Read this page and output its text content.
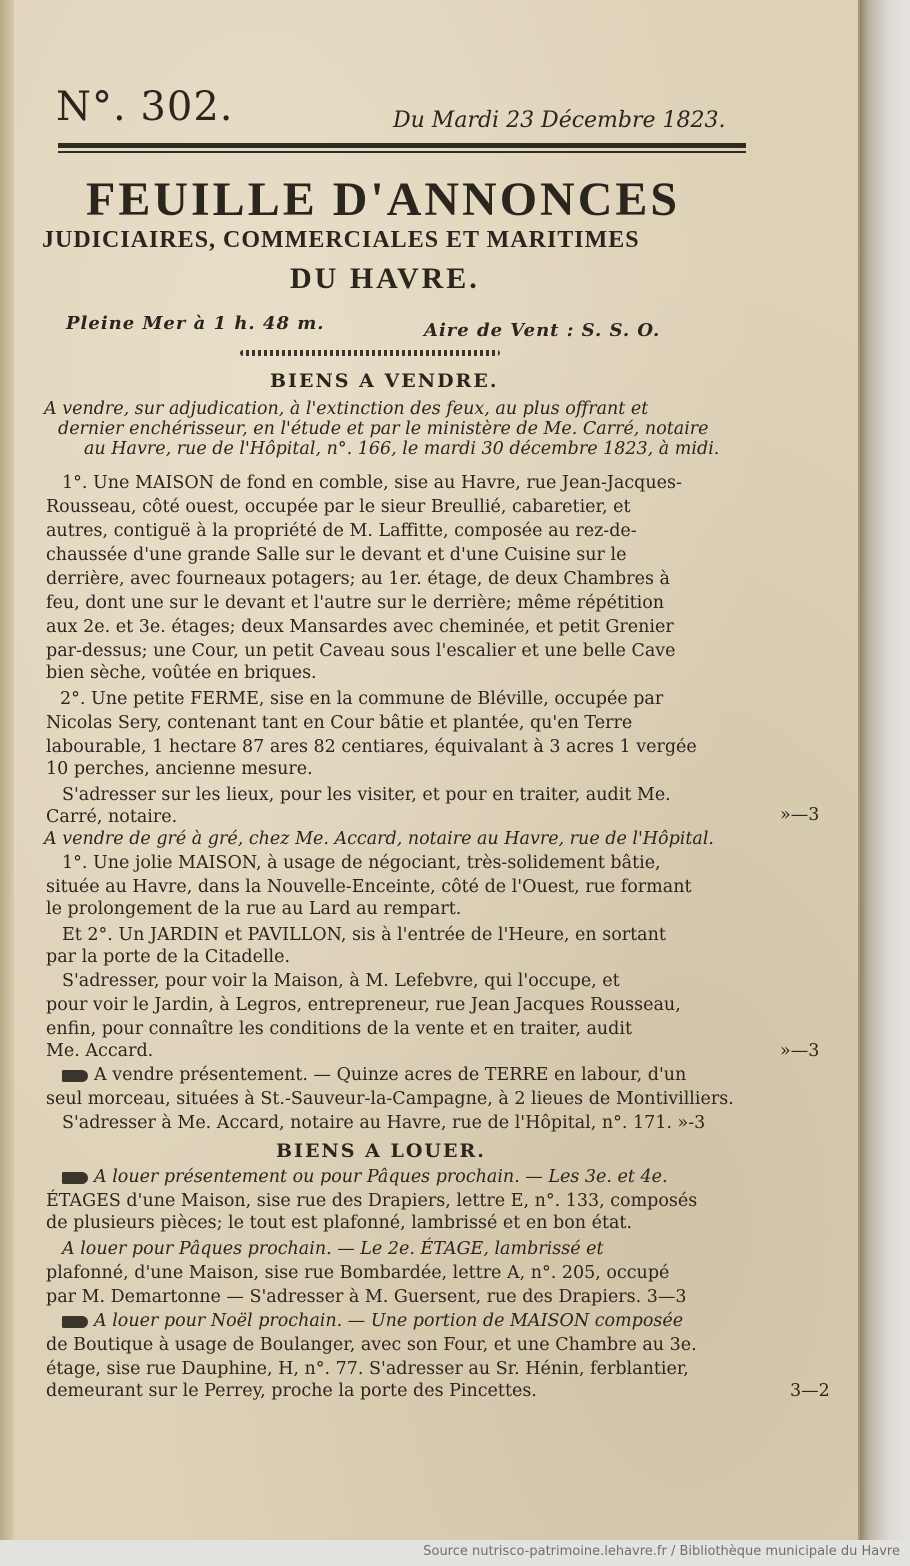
N°. 302.	Du Mardi 23 Décembre 1823.
FEUILLE D'ANNONCES
JUDICIAIRES, COMMERCIALES ET MARITIMES
DU HAVRE.
Pleine Mer à 1 h. 48 m.	Aire de Vent : S. S. O.
BIENS A VENDRE.
A vendre, sur adjudication, à l'extinction des feux, au plus offrant et
dernier enchérisseur, en l'étude et par le ministère de Me. Carré, notaire
au Havre, rue de l'Hôpital, n°. 166, le mardi 30 décembre 1823, à midi.
1°. Une MAISON de fond en comble, sise au Havre, rue Jean-Jacques-
Rousseau, côté ouest, occupée par le sieur Breullié, cabaretier, et
autres, contiguë à la propriété de M. Laffitte, composée au rez-de-
chaussée d'une grande Salle sur le devant et d'une Cuisine sur le
derrière, avec fourneaux potagers; au 1er. étage, de deux Chambres à
feu, dont une sur le devant et l'autre sur le derrière; même répétition
aux 2e. et 3e. étages; deux Mansardes avec cheminée, et petit Grenier
par-dessus; une Cour, un petit Caveau sous l'escalier et une belle Cave
bien sèche, voûtée en briques.
2°. Une petite FERME, sise en la commune de Bléville, occupée par
Nicolas Sery, contenant tant en Cour bâtie et plantée, qu'en Terre
labourable, 1 hectare 87 ares 82 centiares, équivalant à 3 acres 1 vergée
10 perches, ancienne mesure.
S'adresser sur les lieux, pour les visiter, et pour en traiter, audit Me.
Carré, notaire.	»—3
A vendre de gré à gré, chez Me. Accard, notaire au Havre, rue de l'Hôpital.
1°. Une jolie MAISON, à usage de négociant, très-solidement bâtie,
située au Havre, dans la Nouvelle-Enceinte, côté de l'Ouest, rue formant
le prolongement de la rue au Lard au rempart.
Et 2°. Un JARDIN et PAVILLON, sis à l'entrée de l'Heure, en sortant
par la porte de la Citadelle.
S'adresser, pour voir la Maison, à M. Lefebvre, qui l'occupe, et
pour voir le Jardin, à Legros, entrepreneur, rue Jean Jacques Rousseau,
enfin, pour connaître les conditions de la vente et en traiter, audit
Me. Accard.	»—3
A vendre présentement. — Quinze acres de TERRE en labour, d'un
seul morceau, situées à St.-Sauveur-la-Campagne, à 2 lieues de Montivilliers.
S'adresser à Me. Accard, notaire au Havre, rue de l'Hôpital, n°. 171. »-3
BIENS A LOUER.
A louer présentement ou pour Pâques prochain. — Les 3e. et 4e.
ÉTAGES d'une Maison, sise rue des Drapiers, lettre E, n°. 133, composés
de plusieurs pièces; le tout est plafonné, lambrissé et en bon état.
A louer pour Pâques prochain. — Le 2e. ÉTAGE, lambrissé et
plafonné, d'une Maison, sise rue Bombardée, lettre A, n°. 205, occupé
par M. Demartonne — S'adresser à M. Guersent, rue des Drapiers. 3—3
A louer pour Noël prochain. — Une portion de MAISON composée
de Boutique à usage de Boulanger, avec son Four, et une Chambre au 3e.
étage, sise rue Dauphine, H, n°. 77. S'adresser au Sr. Hénin, ferblantier,
demeurant sur le Perrey, proche la porte des Pincettes.	3—2
Source nutrisco-patrimoine.lehavre.fr / Bibliothèque municipale du Havre
